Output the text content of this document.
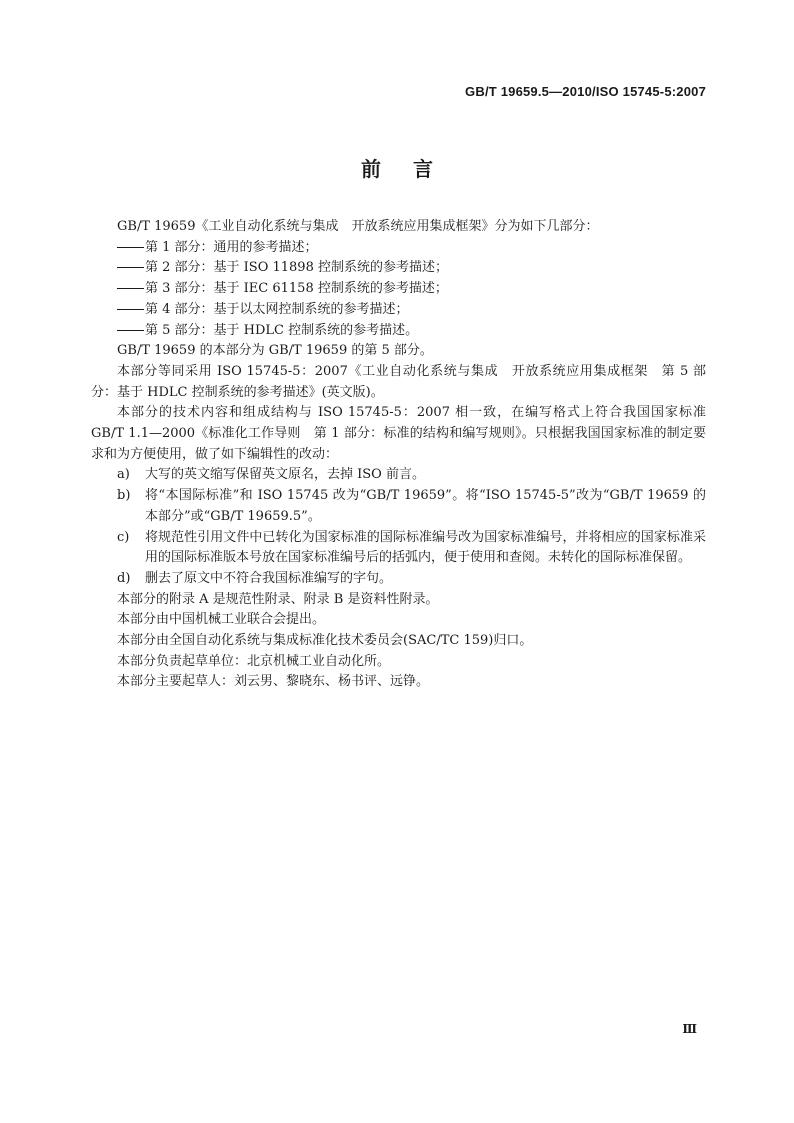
GB/T 19659.5—2010/ISO 15745-5:2007
前言

GB/T 19659《工业自动化系统与集成　开放系统应用集成框架》分为如下几部分：

第 1 部分：通用的参考描述；

第 2 部分：基于 ISO 11898 控制系统的参考描述；

第 3 部分：基于 IEC 61158 控制系统的参考描述；

第 4 部分：基于以太网控制系统的参考描述；

第 5 部分：基于 HDLC 控制系统的参考描述。

GB/T 19659 的本部分为 GB/T 19659 的第 5 部分。

本部分等同采用 ISO 15745-5：2007《工业自动化系统与集成　开放系统应用集成框架　第 5 部分：基于 HDLC 控制系统的参考描述》(英文版)。

本部分的技术内容和组成结构与 ISO 15745-5：2007 相一致，在编写格式上符合我国国家标准 GB/T 1.1—2000《标准化工作导则　第 1 部分：标准的结构和编写规则》。只根据我国国家标准的制定要求和为方便使用，做了如下编辑性的改动：

a) 大写的英文缩写保留英文原名，去掉 ISO 前言。
b) 将“本国际标准”和 ISO 15745 改为“GB/T 19659”。将“ISO 15745-5”改为“GB/T 19659 的本部分”或“GB/T 19659.5”。
c) 将规范性引用文件中已转化为国家标准的国际标准编号改为国家标准编号，并将相应的国家标准采用的国际标准版本号放在国家标准编号后的括弧内，便于使用和查阅。未转化的国际标准保留。
d) 删去了原文中不符合我国标准编写的字句。

本部分的附录 A 是规范性附录、附录 B 是资料性附录。

本部分由中国机械工业联合会提出。

本部分由全国自动化系统与集成标准化技术委员会(SAC/TC 159)归口。

本部分负责起草单位：北京机械工业自动化所。

本部分主要起草人：刘云男、黎晓东、杨书评、远铮。

Ⅲ
